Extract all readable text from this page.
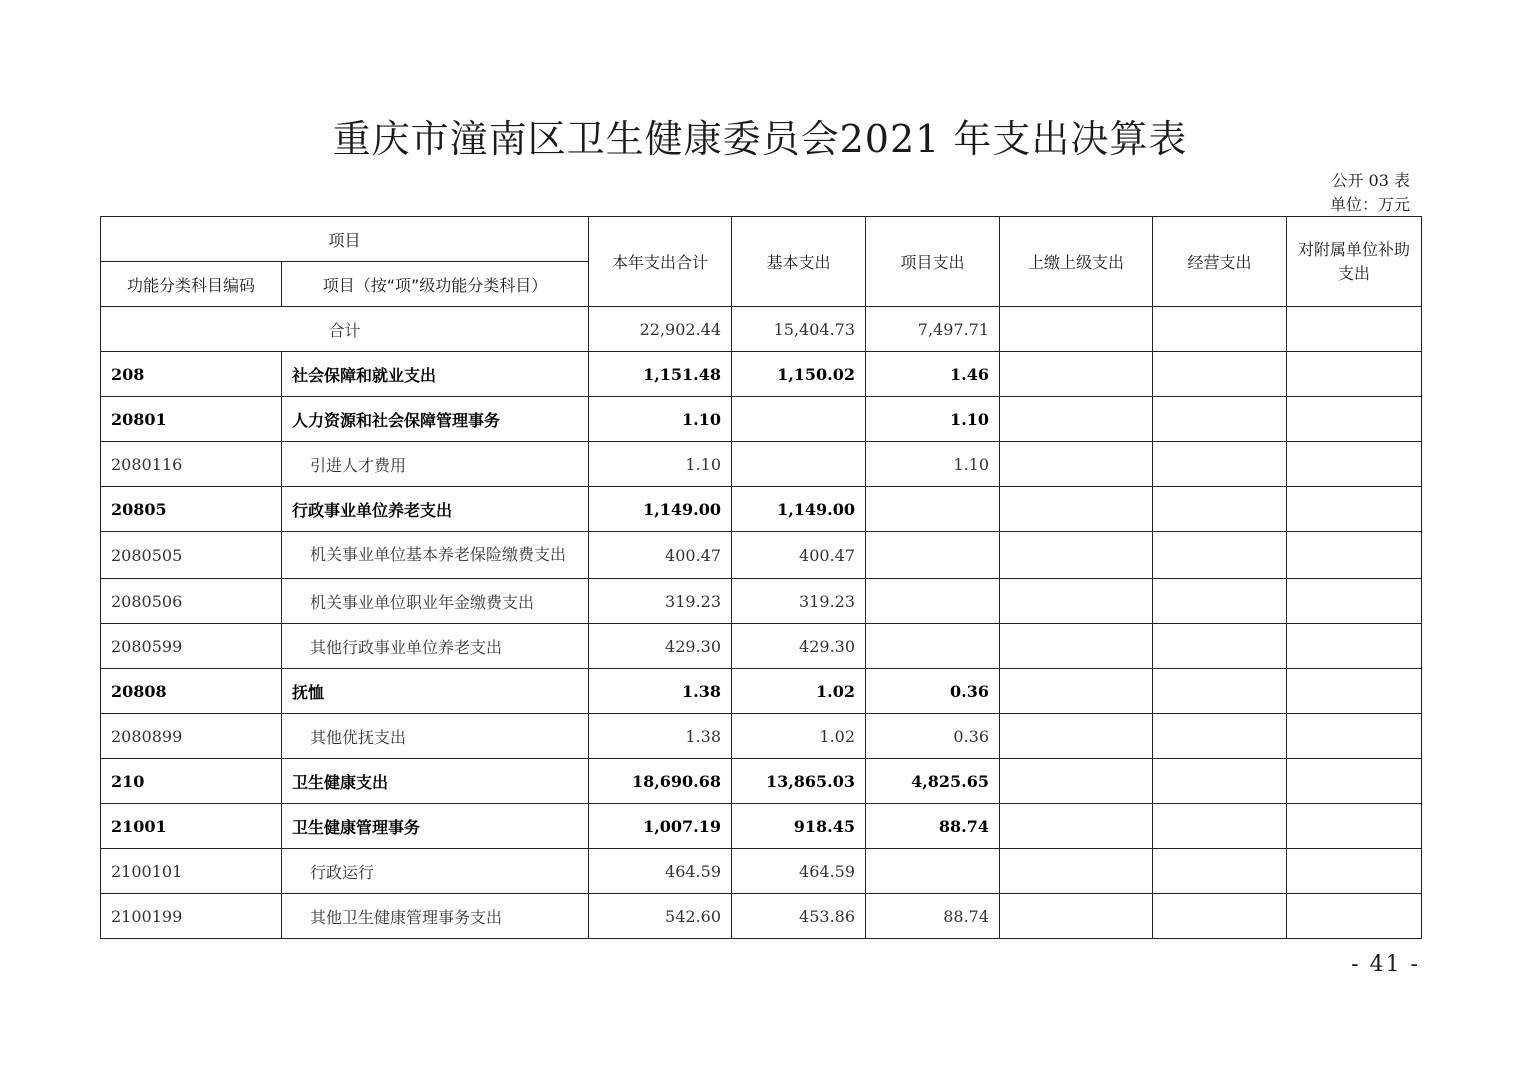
重庆市潼南区卫生健康委员会2021 年支出决算表
公开 03 表
单位：万元
项目		本年支出合计	基本支出	项目支出	上缴上级支出	经营支出	对附属单位补助支出
功能分类科目编码	项目（按“项”级功能分类科目）						
合计		22,902.44	15,404.73	7,497.71			
208	社会保障和就业支出	1,151.48	1,150.02	1.46			
20801	人力资源和社会保障管理事务	1.10		1.10			
2080116	引进人才费用	1.10		1.10			
20805	行政事业单位养老支出	1,149.00	1,149.00				
2080505	机关事业单位基本养老保险缴费支出	400.47	400.47				
2080506	机关事业单位职业年金缴费支出	319.23	319.23				
2080599	其他行政事业单位养老支出	429.30	429.30				
20808	抚恤	1.38	1.02	0.36			
2080899	其他优抚支出	1.38	1.02	0.36			
210	卫生健康支出	18,690.68	13,865.03	4,825.65			
21001	卫生健康管理事务	1,007.19	918.45	88.74			
2100101	行政运行	464.59	464.59				
2100199	其他卫生健康管理事务支出	542.60	453.86	88.74			
- 41 -
